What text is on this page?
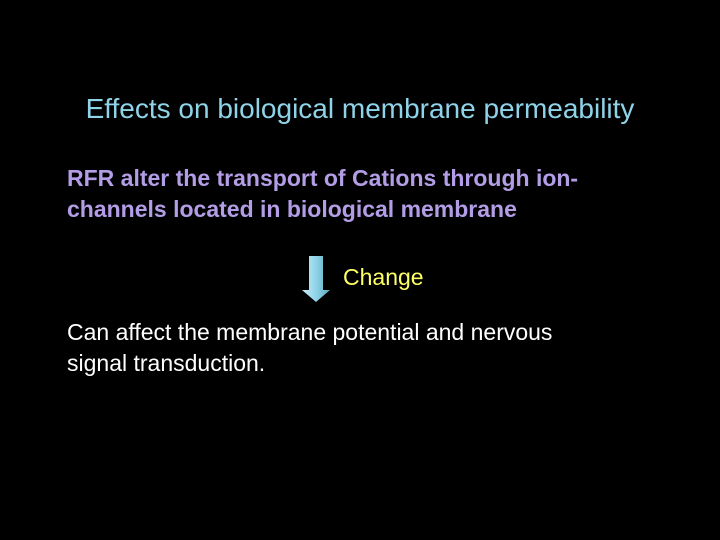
Effects on biological membrane permeability
RFR alter the transport of Cations through ion-
channels located in biological membrane
Change
Can affect the membrane potential and nervous
signal transduction.
